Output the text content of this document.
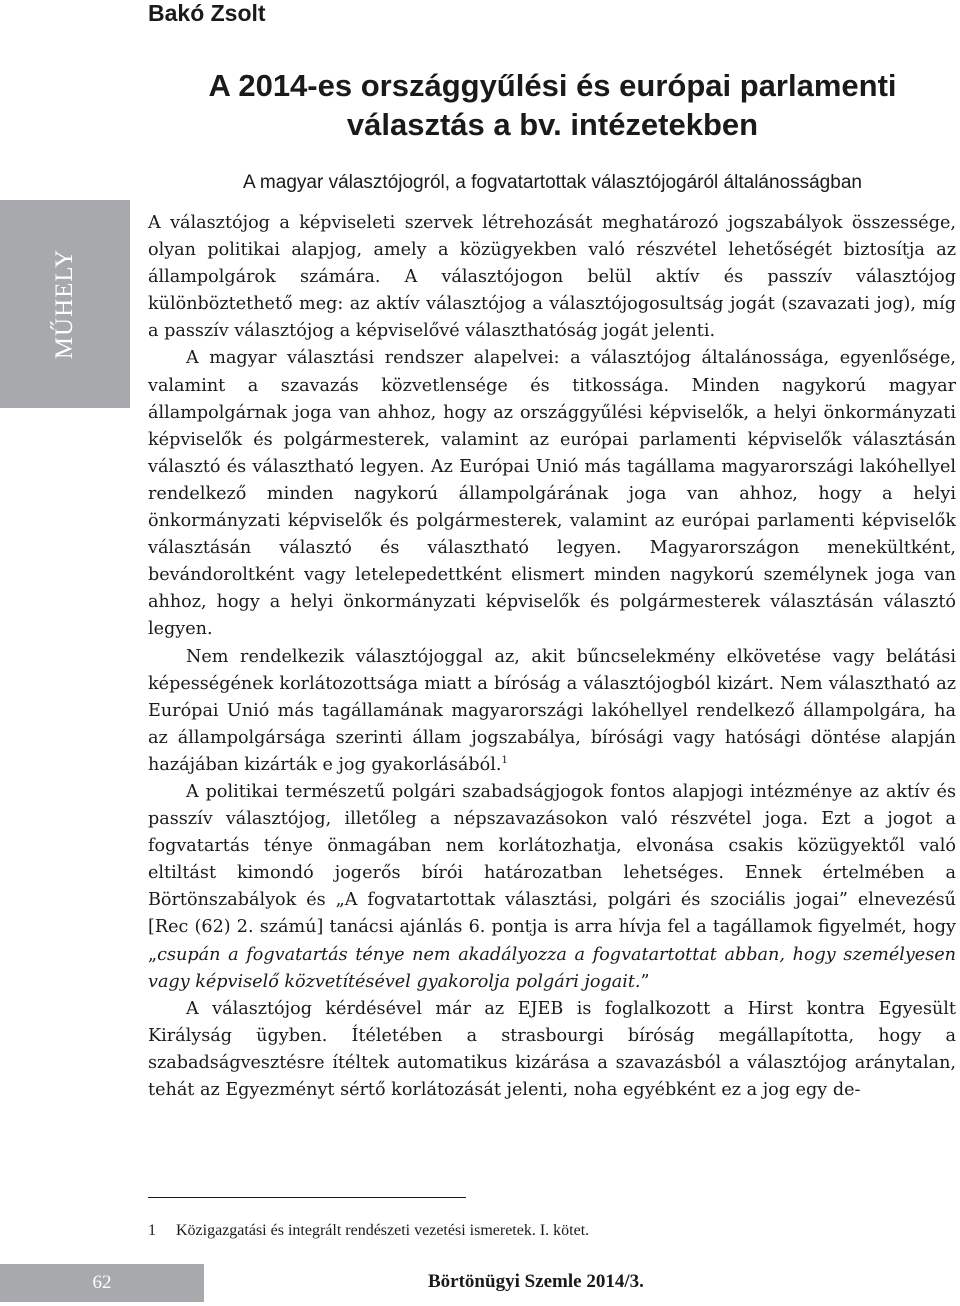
Bakó Zsolt
A 2014-es országgyűlési és európai parlamenti
választás a bv. intézetekben
A magyar választójogról, a fogvatartottak választójogáról általánosságban
MŰHELY

A választójog a képviseleti szervek létrehozását meghatározó jogszabályok összessége, olyan politikai alapjog, amely a közügyekben való részvétel lehetőségét biztosítja az állampolgárok számára. A választójogon belül aktív és passzív választójog különböztethető meg: az aktív választójog a választójogosultság jogát (szavazati jog), míg a passzív választójog a képviselővé választhatóság jogát jelenti.

A magyar választási rendszer alapelvei: a választójog általánossága, egyenlősége, valamint a szavazás közvetlensége és titkossága. Minden nagykorú magyar állampolgárnak joga van ahhoz, hogy az országgyűlési képviselők, a helyi önkormányzati képviselők és polgármesterek, valamint az európai parlamenti képviselők választásán választó és választható legyen. Az Európai Unió más tagállama magyarországi lakóhellyel rendelkező minden nagykorú állampolgárának joga van ahhoz, hogy a helyi önkormányzati képviselők és polgármesterek, valamint az európai parlamenti képviselők választásán választó és választható legyen. Magyarországon menekültként, bevándoroltként vagy letelepedettként elismert minden nagykorú személynek joga van ahhoz, hogy a helyi önkormányzati képviselők és polgármesterek választásán választó legyen.

Nem rendelkezik választójoggal az, akit bűncselekmény elkövetése vagy belátási képességének korlátozottsága miatt a bíróság a választójogból kizárt. Nem választható az Európai Unió más tagállamának magyarországi lakóhellyel rendelkező állampolgára, ha az állampolgársága szerinti állam jogszabálya, bírósági vagy hatósági döntése alapján hazájában kizárták e jog gyakorlásából.$^1$

A politikai természetű polgári szabadságjogok fontos alapjogi intézménye az aktív és passzív választójog, illetőleg a népszavazásokon való részvétel joga. Ezt a jogot a fogvatartás ténye önmagában nem korlátozhatja, elvonása csakis közügyektől való eltiltást kimondó jogerős bírói határozatban lehetséges. Ennek értelmében a Börtönszabályok és „A fogvatartottak választási, polgári és szociális jogai” elnevezésű [Rec (62) 2. számú] tanácsi ajánlás 6. pontja is arra hívja fel a tagállamok figyelmét, hogy „csupán a fogvatartás ténye nem akadályozza a fogvatartottat abban, hogy személyesen vagy képviselő közvetítésével gyakorolja polgári jogait.”

A választójog kérdésével már az EJEB is foglalkozott a Hirst kontra Egyesült Királyság ügyben. Ítéletében a strasbourgi bíróság megállapította, hogy a szabadságvesztésre ítéltek automatikus kizárása a szavazásból a választójog aránytalan, tehát az Egyezményt sértő korlátozását jelenti, noha egyébként ez a jog egy de-

1 Közigazgatási és integrált rendészeti vezetési ismeretek. I. kötet.
62	Börtönügyi Szemle 2014/3.
